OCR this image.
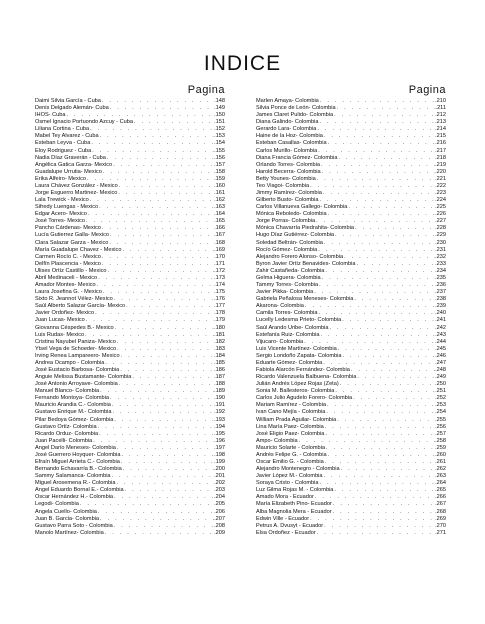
INDICE
Pagina
Daimi Silvia García - Cuba . . .	.148
Denis Delgado Alemán- Cuba . . .	.149
IHOS- Cuba . . .	.150
Osmel Ignacio Portuondo Azcuy - Cuba . . .	.151
Liliana Cortina - Cuba . . .	.152
Mabel Tey Alvarez - Cuba . . .	.153
Esteban Leyva - Cuba . . .	.154
Eloy Rodriguez - Cuba . . .	.155
Nadia Díaz Graverán - Cuba . . .	.156
Angélica Gatica Garza- Mexico . . .	.157
Guadalupe Urrutia- Mexico . . .	.158
Erika Alfeiro- Mexico . . .	.159
Laura Chávez González - Mexico . . .	.160
Jorge Esguerro Martinez- Mexico . . .	.161
Lala Trewick - Mexico . . .	.162
Sifredy Luengas - Mexico . . .	.163
Edgar Acero- Mexico . . .	.164
José Torres- Mexico . . .	.165
Pancho Cárdenas- Mexico . . .	.166
Lucía Gutierrez Galla- Mexico . . .	.167
Clara Salazar Garza - Mexico . . .	.168
María Guadalupe Chavez - Mexico . . .	.169
Carmen Rocío C. - Mexico . . .	.170
Delfín Plascencia - Mexico . . .	.171
Ulises Ortíz Castillo - Mexico . . .	.172
Abril Medinaceli - Mexico . . .	.173
Amador Montes- Mexico . . .	.174
Laura Josefina G. - Mexico . . .	.175
Sixto R. Jeannot Vélez- Mexico . . .	.176
Saúl Alberto Salazar García- Mexico . . .	.177
Javier Ordoñez- Mexico . . .	.178
Juan Lucas- Mexico . . .	.179
Giovanna Céspedes B.- Mexico . . .	.180
Luis Rudas- Mexico . . .	.181
Cristina Nayubel Paniza- Mexico . . .	.182
Ytsel Vega de Schoeder- Mexico . . .	.183
Irving Renea Lampareero- Mexico . . .	.184
Andrea Ocampo - Colombia . . .	.185
José Eustacio Barbosa- Colombia . . .	.186
Anguie Melissa Bustamante- Colombia . . .	.187
José Antonio Arroyave- Colombia . . .	.188
Manuel Blanco- Colombia . . .	.189
Fernando Montoya- Colombia . . .	.190
Mauricio Arandia C.- Colombia . . .	.191
Gustavo Enrique M.- Colombia . . .	.192
Pilar Bedoya Gómez- Colombia . . .	.193
Gustavo Ortíz- Colombia . . .	.194
Ricardo Orduz- Colombia . . .	.195
Juan Pacelli- Colombia . . .	.196
Angel Darío Meneses- Colombia . . .	.197
José Guerrero Hoyquer- Colombia . . .	.198
Efraín Miguel Arrieta C.- Colombia . . .	.199
Bernando Echavarría B.- Colombia . . .	.200
Sammy Salamanca- Colombia . . .	.201
Miguel Arosemena R.- Colombia . . .	.202
Angel Eduardo Bornal E.- Colombia . . .	.203
Oscar Hernández H.- Colombia . . .	.204
Legodi- Colombia . . .	.205
Angela Cuello- Colombia . . .	.206
Juan B. Garcia- Colombia . . .	.207
Gustavo Parra Soto - Colombia . . .	.208
Manolo Martínez- Colombia . . .	.209
Pagina
Marlen Amaya- Colombia . . .	.210
Silvia Ponce de León- Colombia . . .	.211
James Claret Pulido- Colombia . . .	.212
Diana Galindo- Colombia . . .	.213
Gerardo Lara- Colombia . . .	.214
Haine de la Hoz- Colombia . . .	.215
Esteban Casallas- Colombia . . .	.216
Carlos Murillo- Colombia . . .	.217
Diana Francia Gómez- Colombia . . .	.218
Orlando Torres- Colombia . . .	.219
Harold Becerra- Colombia . . .	.220
Betty Younes- Colombia . . .	.221
Teo Viagoi- Colombia . . .	.222
Jimmy Ramírez- Colombia . . .	.223
Gilberto Busto- Colombia . . .	.224
Carlos Villanueva Gallego- Colombia . . .	.225
Mónica Reboledo- Colombia . . .	.226
Jorge Porras- Colombia . . .	.227
Mónica Chavarría Piedrahita- Colombia . . .	.228
Hugo Díaz Gutiérrez- Colombia . . .	.229
Soledad Beltrán- Colombia . . .	.230
Rocío Gómez- Colombia . . .	.231
Alejandro Forero Alonso- Colombia . . .	.232
Byron Javier Ortíz Benavides- Colombia . . .	.233
Zahir Castañeda- Colombia . . .	.234
Gelma Higuera- Colombia . . .	.235
Tammy Torres- Colombia . . .	.236
Javier Pikka- Colombia . . .	.237
Gabriela Peñalosa Meneses- Colombia . . .	.238
Akarona- Colombia . . .	.239
Camila Torres- Colombia . . .	.240
Lucelly Ledesma Prieto- Colombia . . .	.241
Saúl Arando Uribe- Colombia . . .	.242
Estefanía Ruiz- Colombia . . .	.243
Vijucaro- Colombia . . .	.244
Luis Vicente Martínez- Colombia . . .	.245
Sergio Londoño Zapata- Colombia . . .	.246
Eduarte Gómez- Colombia . . .	.247
Fabiola Alarcón Fernández- Colombia . . .	.248
Ricardo Valenzuela Balbuena- Colombia . . .	.249
Julián Andrés López Rojas (Zeta) . . .	.250
Sonia M. Ballesteros- Colombia . . .	.251
Carlos Julio Agudelo Forero- Colombia . . .	.252
Mariam Ramírez - Colombia . . .	.253
Ivan Cano Mejía - Colombia . . .	.254
William Prada Aguilar- Colombia . . .	.255
Lina María Paez- Colombia . . .	.256
José Eligio Paez- Colombia . . .	.257
Ampo- Colombia . . .	.258
Mauricio Solarte - Colombia . . .	.259
Andrés Felipe G. - Colombia . . .	.260
Oscar Emilio G. - Colombia . . .	.261
Alejandro Montenegro - Colombia . . .	.262
Javier López M.- Colombia . . .	.263
Soraya Cristo - Colombia . . .	.264
Luz Gilma Rojas M. - Colombia . . .	.265
Amado Mora - Ecuador . . .	.266
María Elizabeth Pino- Ecuador . . .	.267
Alba Magnolia Mera - Ecuador . . .	.268
Edwin Ville - Ecuador . . .	.269
Petrus A. Dvusyt - Ecuador . . .	.270
Elsa Ordoñez - Ecuador . . .	.271
